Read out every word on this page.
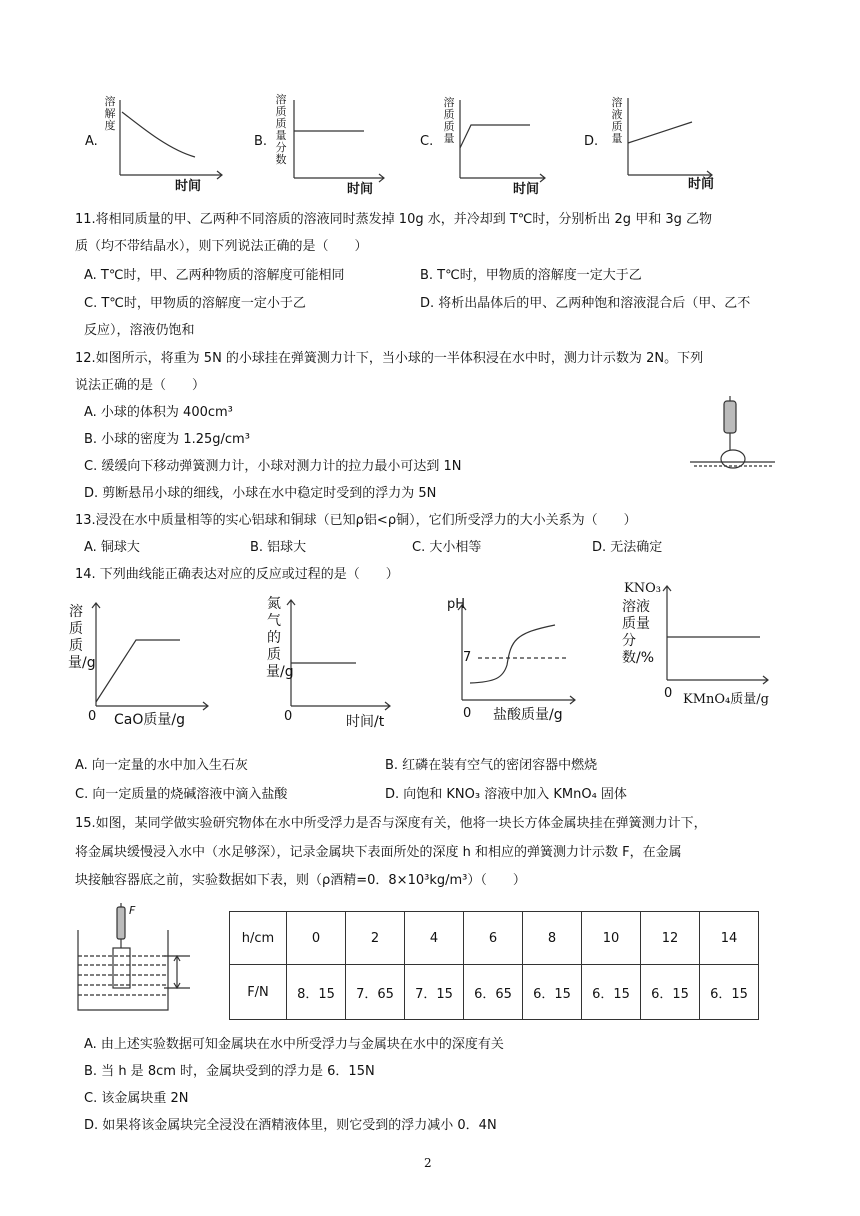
A.
溶解度
时间
B.
溶质质量分数
时间
C.
溶质质量
时间
D.
溶液质量
时间
11.将相同质量的甲、乙两种不同溶质的溶液同时蒸发掉 10g 水，并冷却到 T℃时，分别析出 2g 甲和 3g 乙物
质（均不带结晶水），则下列说法正确的是（　　）
A. T℃时，甲、乙两种物质的溶解度可能相同	B. T℃时，甲物质的溶解度一定大于乙
C. T℃时，甲物质的溶解度一定小于乙	D. 将析出晶体后的甲、乙两种饱和溶液混合后（甲、乙不
反应），溶液仍饱和
12.如图所示，将重为 5N 的小球挂在弹簧测力计下，当小球的一半体积浸在水中时，测力计示数为 2N。下列
说法正确的是（　　）
A. 小球的体积为 400cm³
B. 小球的密度为 1.25g/cm³
C. 缓缓向下移动弹簧测力计，小球对测力计的拉力最小可达到 1N
D. 剪断悬吊小球的细线，小球在水中稳定时受到的浮力为 5N
13.浸没在水中质量相等的实心铝球和铜球（已知ρ铝<ρ铜），它们所受浮力的大小关系为（　　）
A. 铜球大	B. 铝球大	C. 大小相等	D. 无法确定
14. 下列曲线能正确表达对应的反应或过程的是（　　）
溶质质量/g
0 CaO质量/g
氮气的质量/g
0	时间/t
pH
7
0 盐酸质量/g
KNO₃
溶液质量分数/%
0 KMnO₄质量/g
A. 向一定量的水中加入生石灰	B. 红磷在装有空气的密闭容器中燃烧
C. 向一定质量的烧碱溶液中滴入盐酸	D. 向饱和 KNO₃ 溶液中加入 KMnO₄ 固体
15.如图，某同学做实验研究物体在水中所受浮力是否与深度有关，他将一块长方体金属块挂在弹簧测力计下，
将金属块缓慢浸入水中（水足够深），记录金属块下表面所处的深度 h 和相应的弹簧测力计示数 F，在金属
块接触容器底之前，实验数据如下表，则（ρ酒精=0．8×10³kg/m³）（　　）
F
h/cm	0	2	4	6	8	10	12	14
F/N	8．15	7．65	7．15	6．65	6．15	6．15	6．15	6．15
A. 由上述实验数据可知金属块在水中所受浮力与金属块在水中的深度有关
B. 当 h 是 8cm 时，金属块受到的浮力是 6．15N
C. 该金属块重 2N
D. 如果将该金属块完全浸没在酒精液体里，则它受到的浮力减小 0．4N
2
